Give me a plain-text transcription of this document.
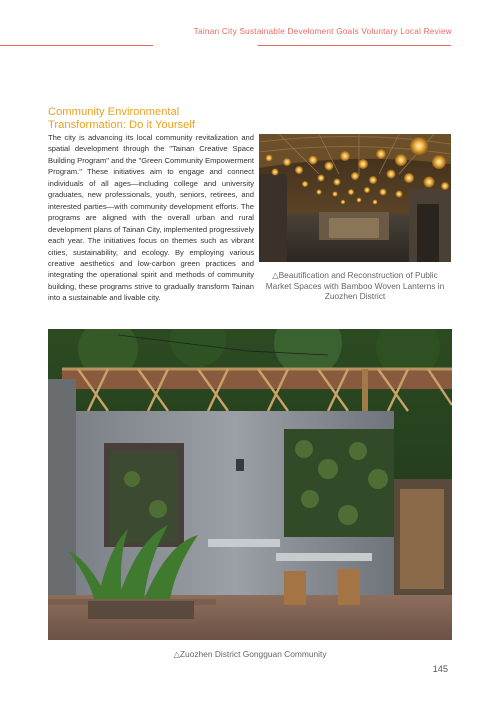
Tainan City Sustainable Develoment Goals Voluntary Local Review
Community Environmental Transformation: Do it Yourself

The city is advancing its local community revitalization and spatial development through the "Tainan Creative Space Building Program" and the "Green Community Empowerment Program." These initiatives aim to engage and connect individuals of all ages—including college and university graduates, new professionals, youth, seniors, retirees, and interested parties—with community development efforts. The programs are aligned with the overall urban and rural development plans of Tainan City, implemented progressively each year. The initiatives focus on themes such as vibrant cities, sustainability, and ecology. By employing various creative aesthetics and low-carbon green practices and integrating the operational spirit and methods of community building, these programs strive to gradually transform Tainan into a sustainable and livable city.

△Beautification and Reconstruction of Public Market Spaces with Bamboo Woven Lanterns in Zuozhen District
△Zuozhen District Gongguan Community
145
